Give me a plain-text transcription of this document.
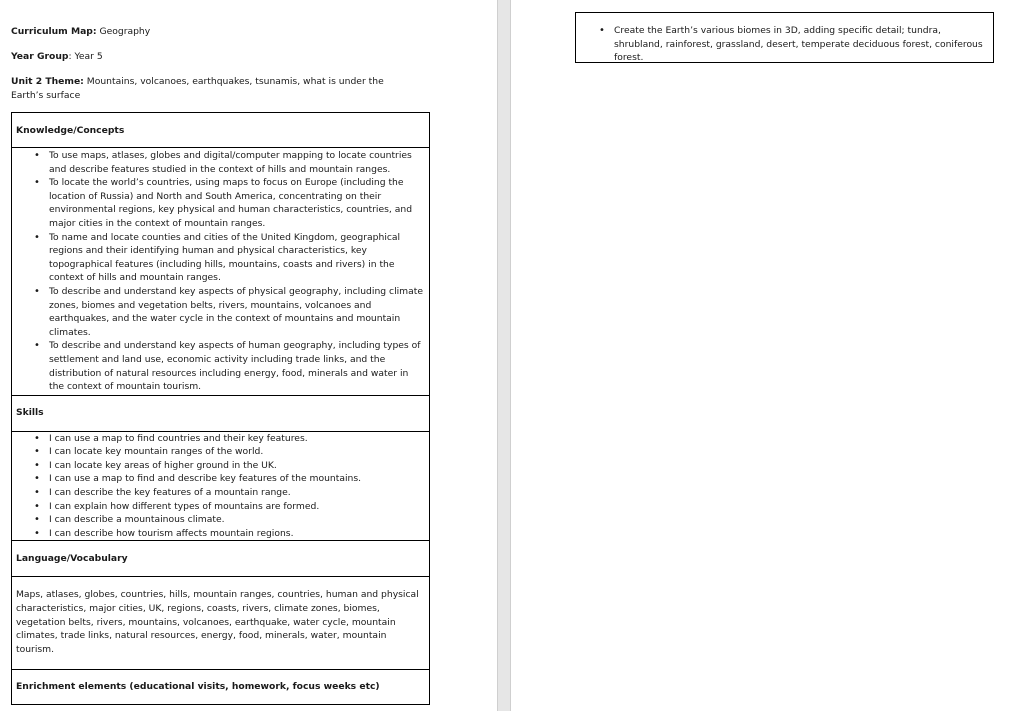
Curriculum Map: Geography
Year Group: Year 5
Unit 2 Theme: Mountains, volcanoes, earthquakes, tsunamis, what is under the Earth’s surface
Knowledge/Concepts

• To use maps, atlases, globes and digital/computer mapping to locate countries and describe features studied in the context of hills and mountain ranges.
• To locate the world’s countries, using maps to focus on Europe (including the location of Russia) and North and South America, concentrating on their environmental regions, key physical and human characteristics, countries, and major cities in the context of mountain ranges.
• To name and locate counties and cities of the United Kingdom, geographical regions and their identifying human and physical characteristics, key topographical features (including hills, mountains, coasts and rivers) in the context of hills and mountain ranges.
• To describe and understand key aspects of physical geography, including climate zones, biomes and vegetation belts, rivers, mountains, volcanoes and earthquakes, and the water cycle in the context of mountains and mountain climates.
• To describe and understand key aspects of human geography, including types of settlement and land use, economic activity including trade links, and the distribution of natural resources including energy, food, minerals and water in the context of mountain tourism.

Skills

• I can use a map to find countries and their key features.
• I can locate key mountain ranges of the world.
• I can locate key areas of higher ground in the UK.
• I can use a map to find and describe key features of the mountains.
• I can describe the key features of a mountain range.
• I can explain how different types of mountains are formed.
• I can describe a mountainous climate.
• I can describe how tourism affects mountain regions.

Language/Vocabulary
Maps, atlases, globes, countries, hills, mountain ranges, countries, human and physical characteristics, major cities, UK, regions, coasts, rivers, climate zones, biomes, vegetation belts, rivers, mountains, volcanoes, earthquake, water cycle, mountain climates, trade links, natural resources, energy, food, minerals, water, mountain tourism.
Enrichment elements (educational visits, homework, focus weeks etc)
• Create the Earth’s various biomes in 3D, adding specific detail; tundra, shrubland, rainforest, grassland, desert, temperate deciduous forest, coniferous forest.
